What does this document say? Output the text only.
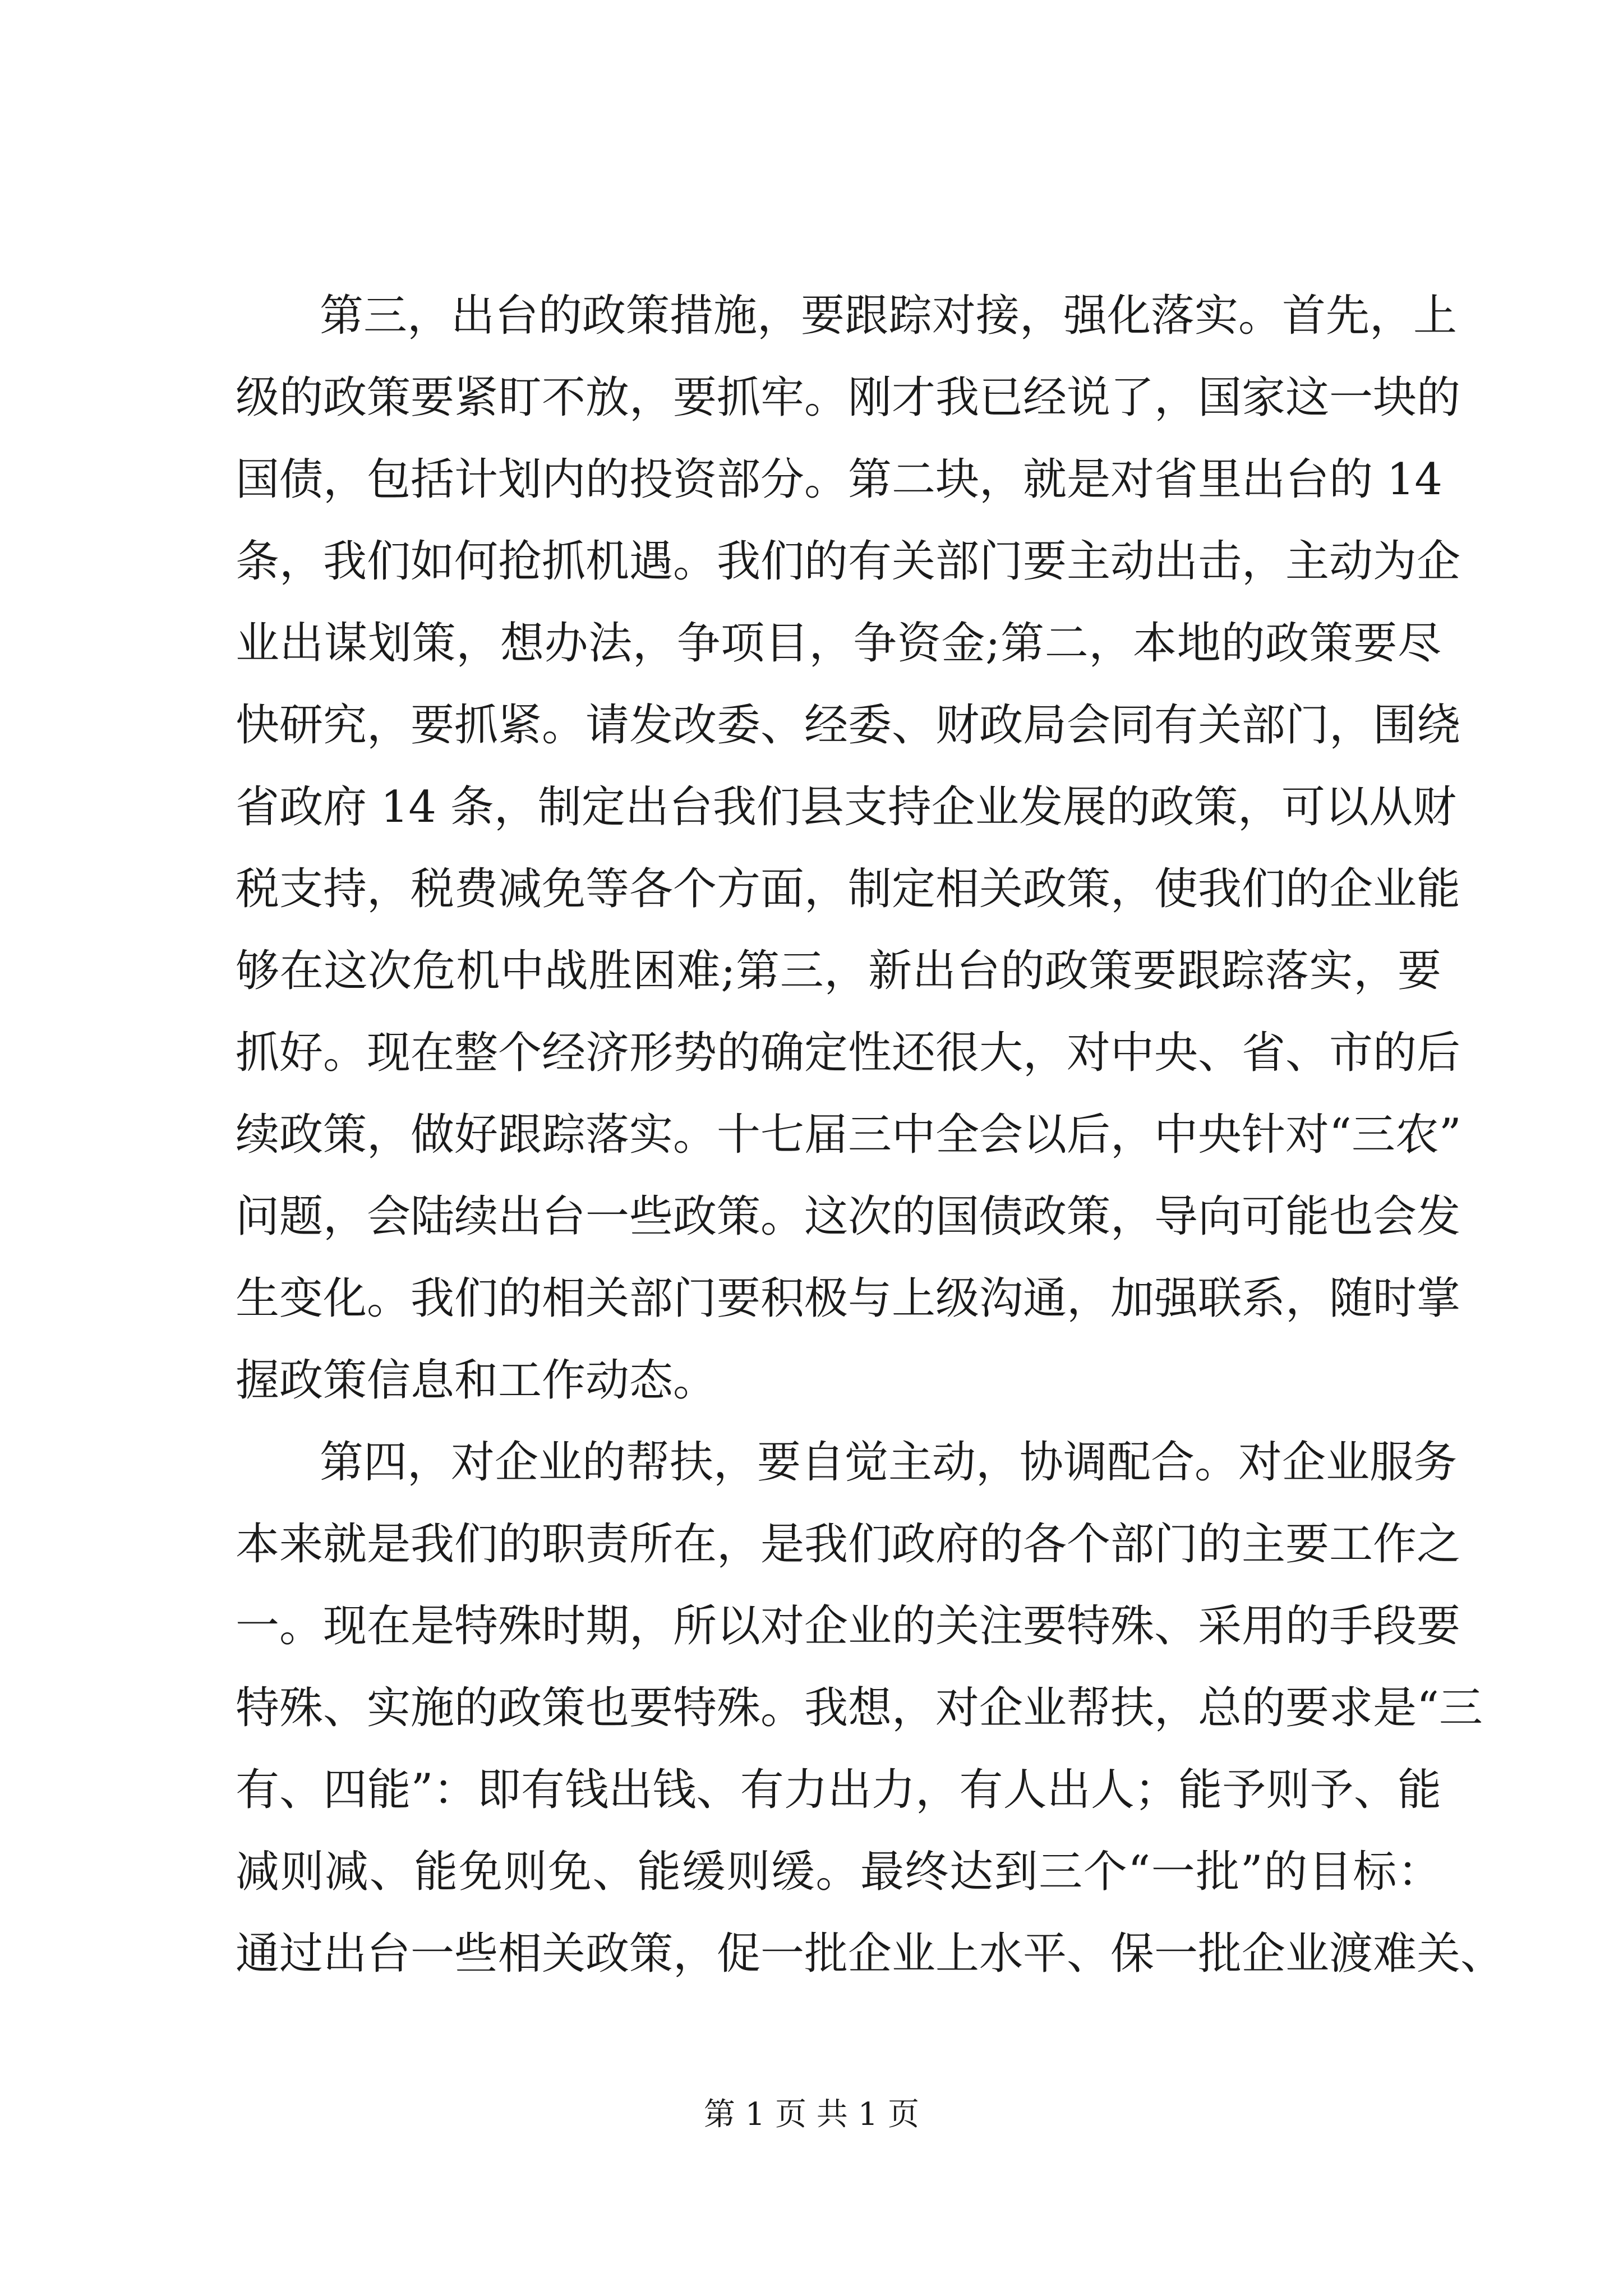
第三，出台的政策措施，要跟踪对接，强化落实。首先，上
级的政策要紧盯不放，要抓牢。刚才我已经说了，国家这一块的
国债，包括计划内的投资部分。第二块，就是对省里出台的 14
条，我们如何抢抓机遇。我们的有关部门要主动出击，主动为企
业出谋划策，想办法，争项目，争资金;第二，本地的政策要尽
快研究，要抓紧。请发改委、经委、财政局会同有关部门，围绕
省政府 14 条，制定出台我们县支持企业发展的政策，可以从财
税支持，税费减免等各个方面，制定相关政策，使我们的企业能
够在这次危机中战胜困难;第三，新出台的政策要跟踪落实，要
抓好。现在整个经济形势的确定性还很大，对中央、省、市的后
续政策，做好跟踪落实。十七届三中全会以后，中央针对“三农”
问题，会陆续出台一些政策。这次的国债政策，导向可能也会发
生变化。我们的相关部门要积极与上级沟通，加强联系，随时掌
握政策信息和工作动态。
第四，对企业的帮扶，要自觉主动，协调配合。对企业服务
本来就是我们的职责所在，是我们政府的各个部门的主要工作之
一。现在是特殊时期，所以对企业的关注要特殊、采用的手段要
特殊、实施的政策也要特殊。我想，对企业帮扶，总的要求是“三
有、四能”：即有钱出钱、有力出力，有人出人；能予则予、能
减则减、能免则免、能缓则缓。最终达到三个“一批”的目标：
通过出台一些相关政策，促一批企业上水平、保一批企业渡难关、
第 1 页 共 1 页
